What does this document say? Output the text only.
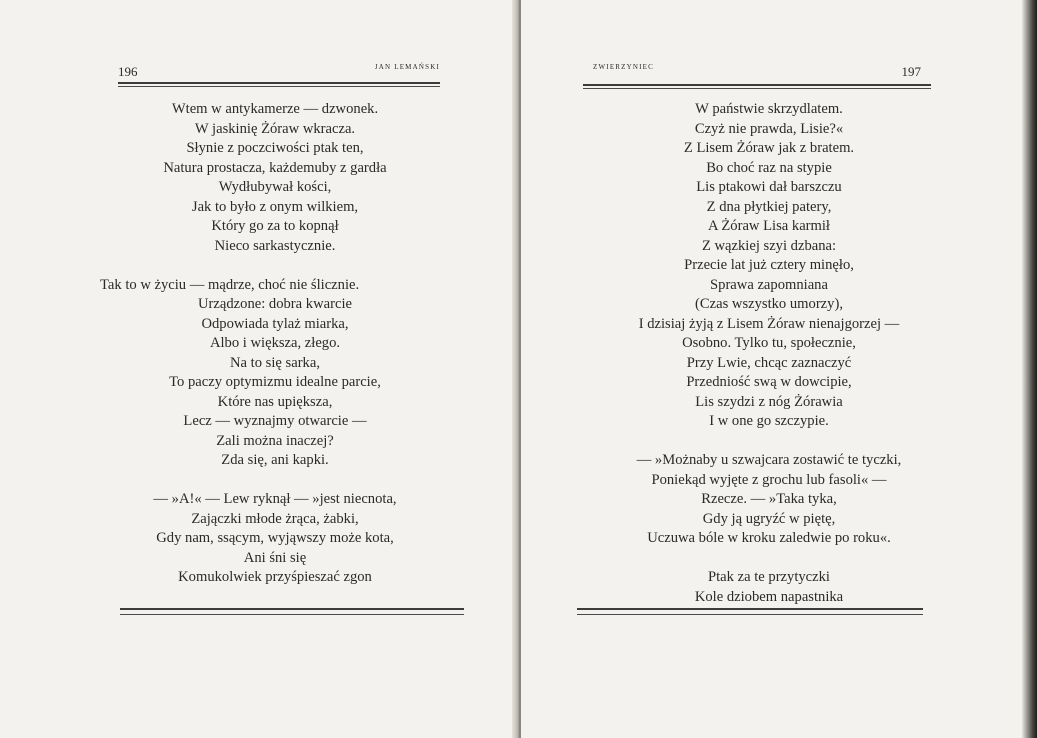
196	JAN LEMAŃSKI
Wtem w antykamerze — dzwonek.
W jaskinię Żóraw wkracza.
Słynie z poczciwości ptak ten,
Natura prostacza, każdemuby z gardła
Wydłubywał kości,
Jak to było z onym wilkiem,
Który go za to kopnął
Nieco sarkastycznie.
Tak to w życiu — mądrze, choć nie ślicznie.
Urządzone: dobra kwarcie
Odpowiada tylaż miarka,
Albo i większa, złego.
Na to się sarka,
To paczy optymizmu idealne parcie,
Które nas upiększa,
Lecz — wyznajmy otwarcie —
Zali można inaczej?
Zda się, ani kapki.
— »A!« — Lew ryknął — »jest niecnota,
Zajączki młode żrąca, żabki,
Gdy nam, ssącym, wyjąwszy może kota,
Ani śni się
Komukolwiek przyśpieszać zgon
ZWIERZYNIEC	197
W państwie skrzydlatem.
Czyż nie prawda, Lisie?«
Z Lisem Żóraw jak z bratem.
Bo choć raz na stypie
Lis ptakowi dał barszczu
Z dna płytkiej patery,
A Żóraw Lisa karmił
Z wązkiej szyi dzbana:
Przecie lat już cztery minęło,
Sprawa zapomniana
(Czas wszystko umorzy),
I dzisiaj żyją z Lisem Żóraw nienajgorzej —
Osobno. Tylko tu, społecznie,
Przy Lwie, chcąc zaznaczyć
Przedniość swą w dowcipie,
Lis szydzi z nóg Żórawia
I w one go szczypie.
— »Możnaby u szwajcara zostawić te tyczki,
Poniekąd wyjęte z grochu lub fasoli« —
Rzecze. — »Taka tyka,
Gdy ją ugryźć w piętę,
Uczuwa bóle w kroku zaledwie po roku«.
Ptak za te przytyczki
Kole dziobem napastnika
